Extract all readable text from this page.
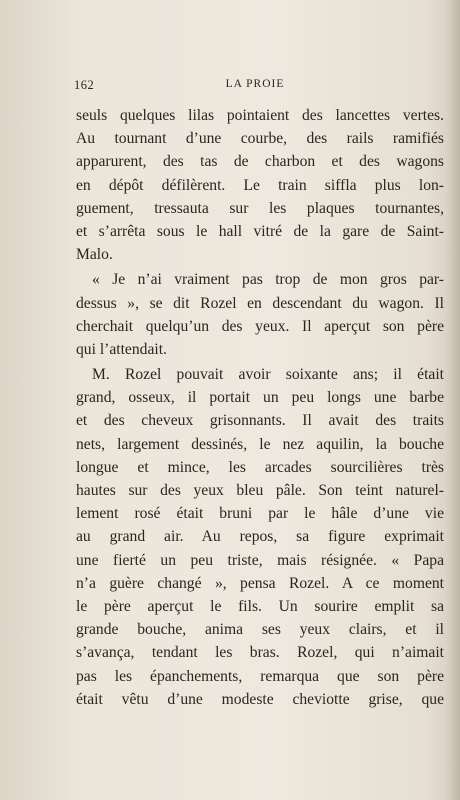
162	LA PROIE
seuls quelques lilas pointaient des lancettes vertes.
Au tournant d’une courbe, des rails ramifiés
apparurent, des tas de charbon et des wagons
en dépôt défilèrent. Le train siffla plus lon-
guement, tressauta sur les plaques tournantes,
et s’arrêta sous le hall vitré de la gare de Saint-
Malo.
« Je n’ai vraiment pas trop de mon gros par-
dessus », se dit Rozel en descendant du wagon. Il
cherchait quelqu’un des yeux. Il aperçut son père
qui l’attendait.
M. Rozel pouvait avoir soixante ans; il était
grand, osseux, il portait un peu longs une barbe
et des cheveux grisonnants. Il avait des traits
nets, largement dessinés, le nez aquilin, la bouche
longue et mince, les arcades sourcilières très
hautes sur des yeux bleu pâle. Son teint naturel-
lement rosé était bruni par le hâle d’une vie
au grand air. Au repos, sa figure exprimait
une fierté un peu triste, mais résignée. « Papa
n’a guère changé », pensa Rozel. A ce moment
le père aperçut le fils. Un sourire emplit sa
grande bouche, anima ses yeux clairs, et il
s’avança, tendant les bras. Rozel, qui n’aimait
pas les épanchements, remarqua que son père
était vêtu d’une modeste cheviotte grise, que
